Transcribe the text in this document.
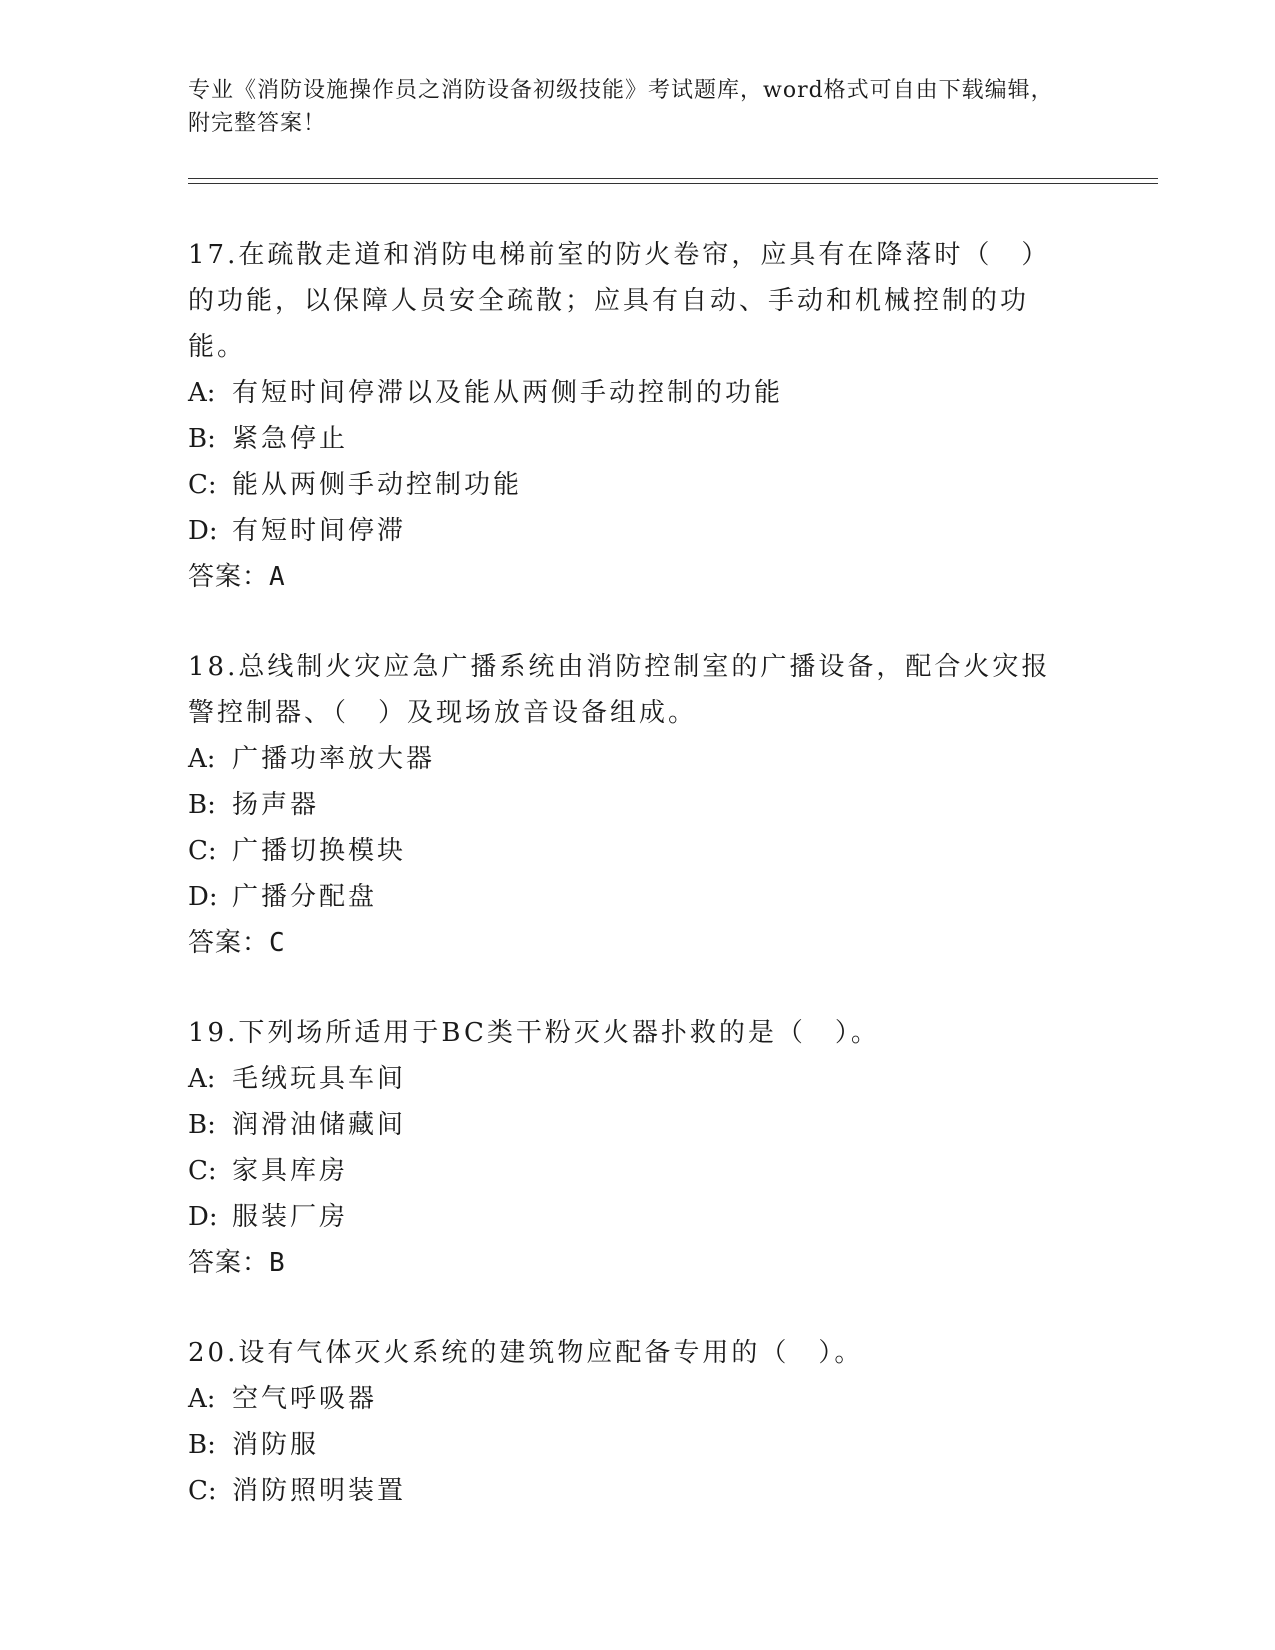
专业《消防设施操作员之消防设备初级技能》考试题库，word格式可自由下载编辑，附完整答案！

17.在疏散走道和消防电梯前室的防火卷帘，应具有在降落时（　）的功能，以保障人员安全疏散；应具有自动、手动和机械控制的功能。

A: 有短时间停滞以及能从两侧手动控制的功能

B: 紧急停止

C: 能从两侧手动控制功能

D: 有短时间停滞

答案：A

18.总线制火灾应急广播系统由消防控制室的广播设备，配合火灾报警控制器、（　）及现场放音设备组成。

A: 广播功率放大器

B: 扬声器

C: 广播切换模块

D: 广播分配盘

答案：C

19.下列场所适用于BC类干粉灭火器扑救的是（　）。

A: 毛绒玩具车间

B: 润滑油储藏间

C: 家具库房

D: 服装厂房

答案：B

20.设有气体灭火系统的建筑物应配备专用的（　）。

A: 空气呼吸器

B: 消防服

C: 消防照明装置
